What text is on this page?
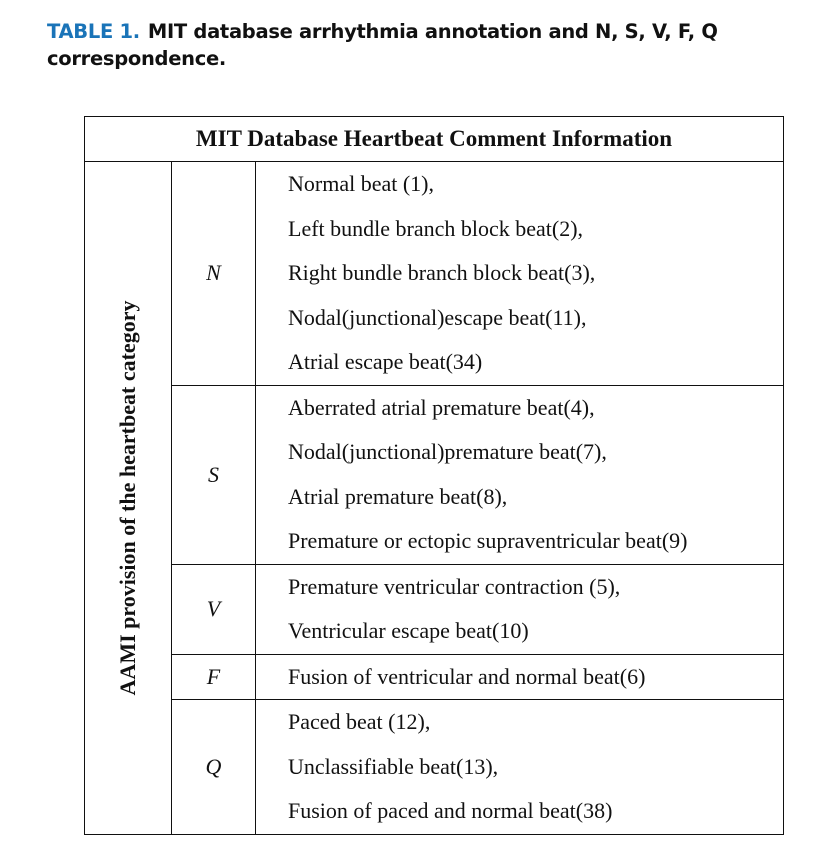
TABLE 1. MIT database arrhythmia annotation and N, S, V, F, Q correspondence.
MIT Database Heartbeat Comment Information		

AAMI provision of the heartbeat category	N	Normal beat (1),
Left bundle branch block beat(2),
Right bundle branch block beat(3),
Nodal(junctional)escape beat(11),
Atrial escape beat(34)

	S	Aberrated atrial premature beat(4),
Nodal(junctional)premature beat(7),
Atrial premature beat(8),
Premature or ectopic supraventricular beat(9)

	V	Premature ventricular contraction (5),
Ventricular escape beat(10)

	F	Fusion of ventricular and normal beat(6)

	Q	Paced beat (12),
Unclassifiable beat(13),
Fusion of paced and normal beat(38)
